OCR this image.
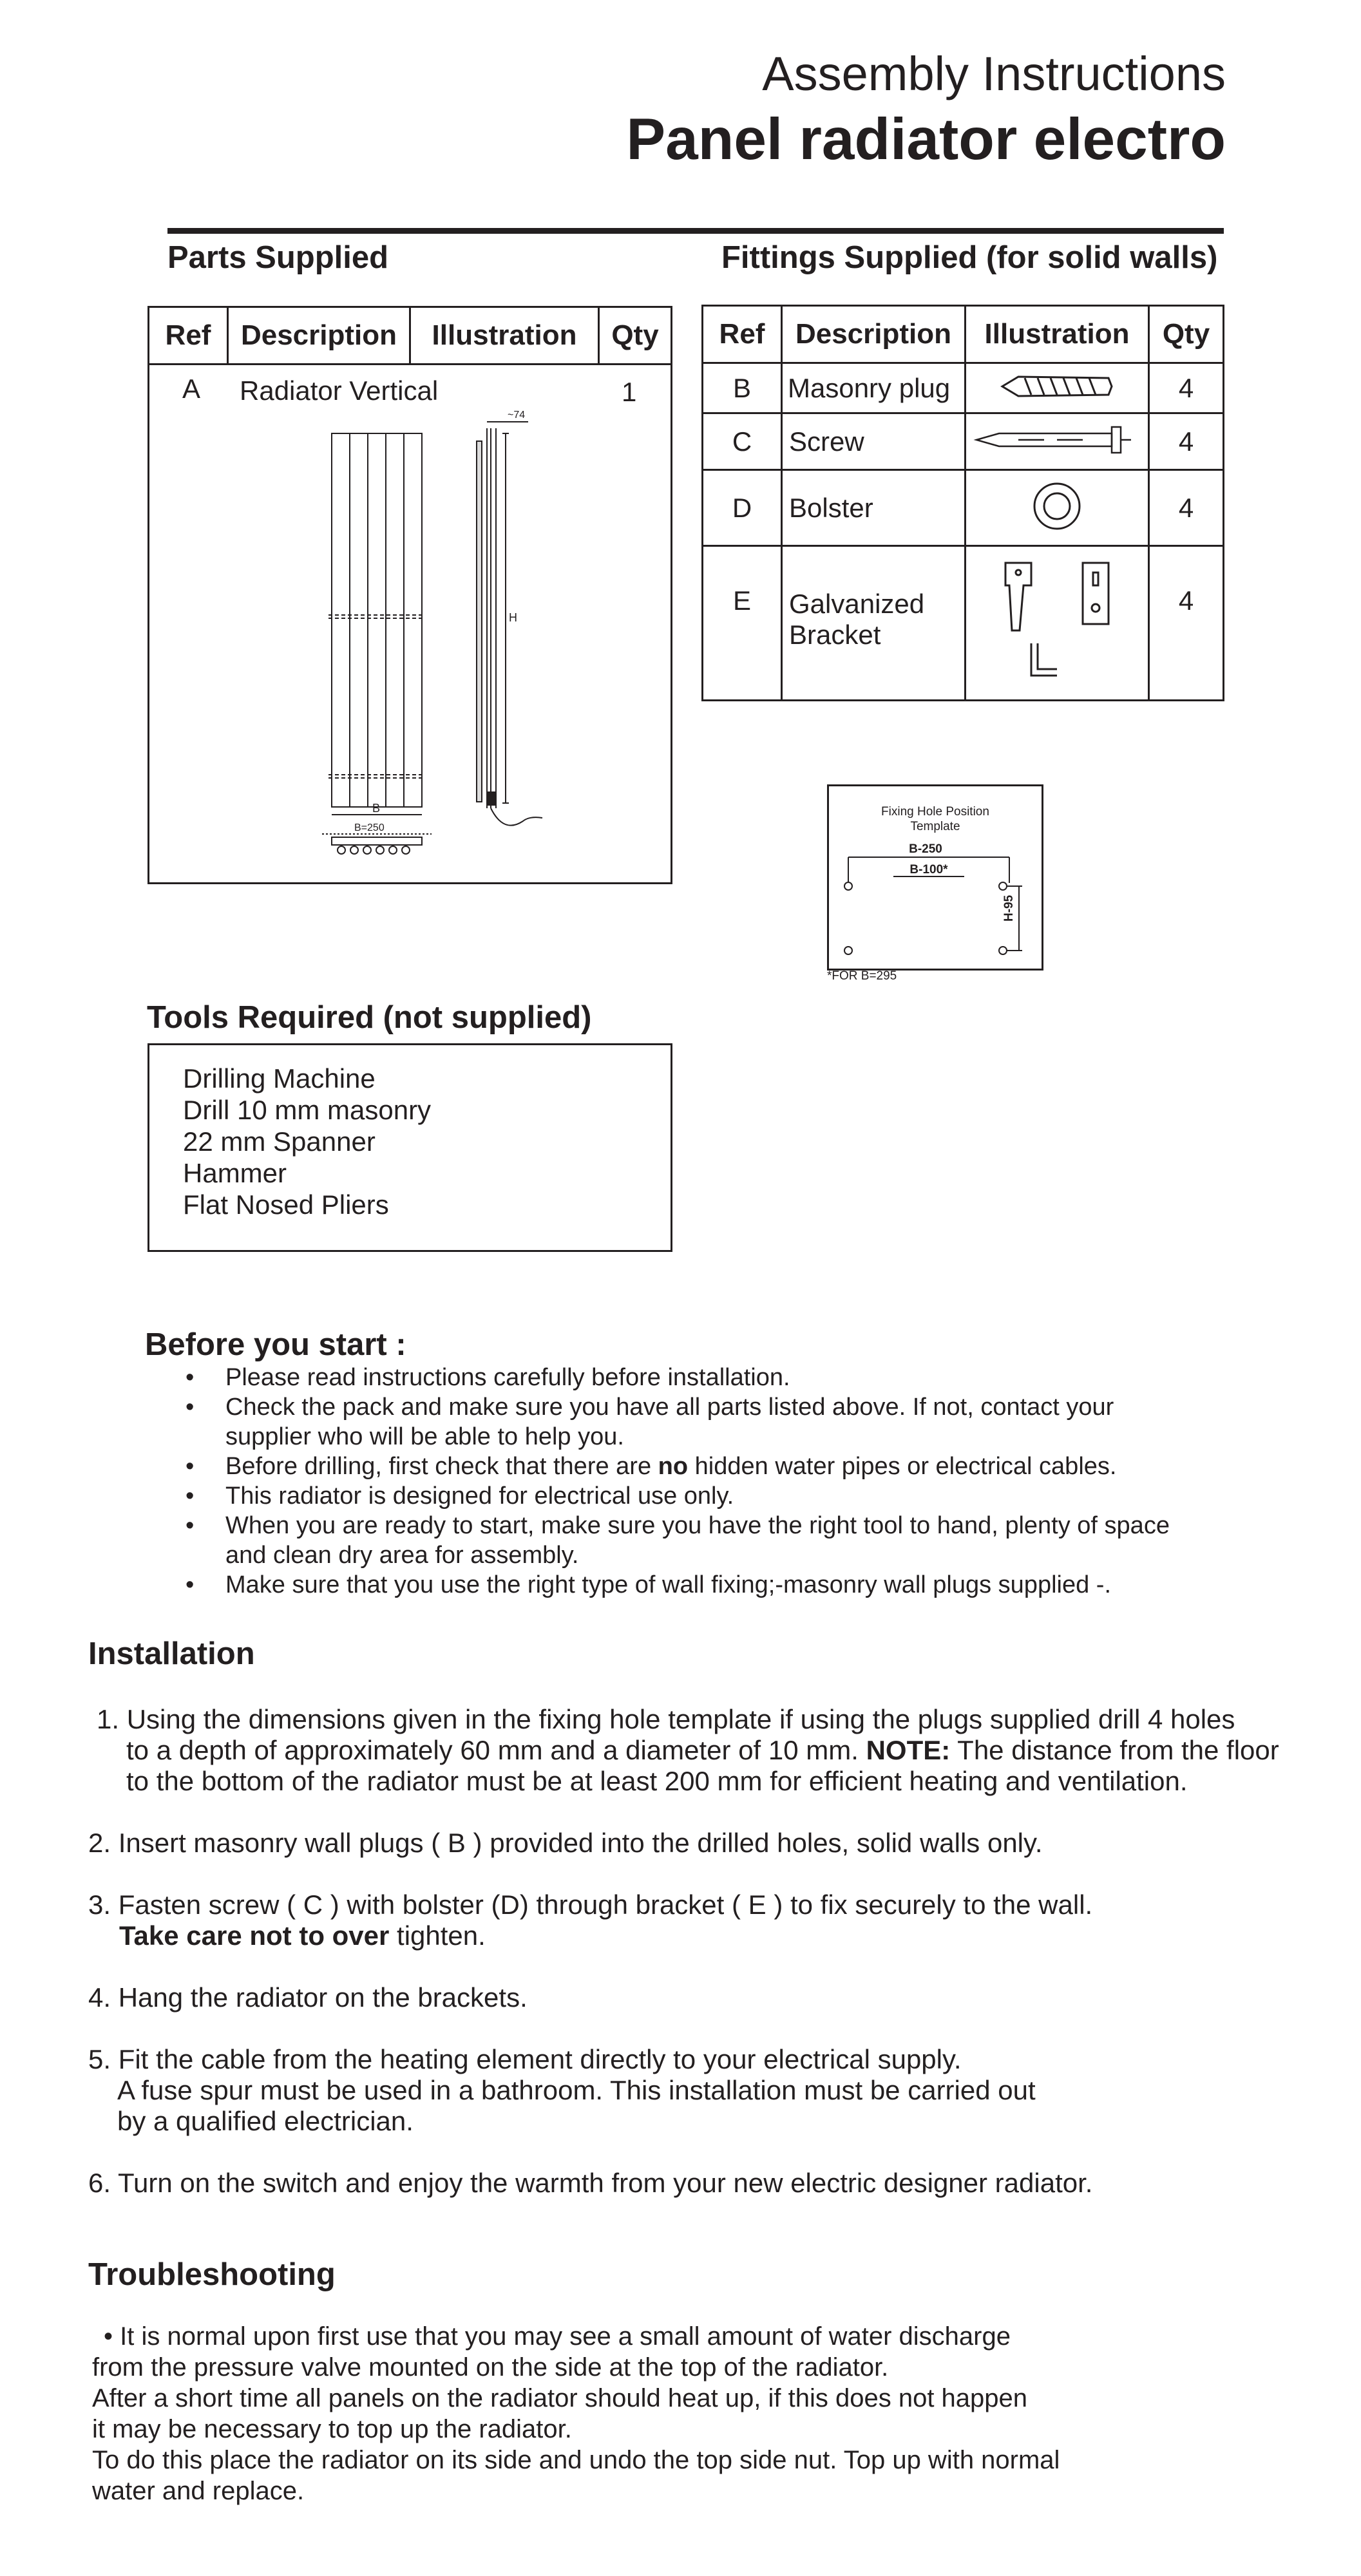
Assembly Instructions
Panel radiator electro
Parts Supplied
Ref	Description	Illustration	Qty
A Radiator Vertical	1
~74
H
B
B=250
Fittings Supplied (for solid walls)
Ref	Description	Illustration	Qty
B	Masonry plug		4
C	Screw		4
D	Bolster		4
E	Galvanized
Bracket		4
Fixing Hole Position
Template
B-250
B-100*
H-95
*FOR B=295
Tools Required (not supplied)
Drilling Machine
Drill 10 mm masonry
22 mm Spanner
Hammer
Flat Nosed Pliers
Before you start :
• Please read instructions carefully before installation.
• Check the pack and make sure you have all parts listed above. If not, contact your
supplier who will be able to help you.
• Before drilling, first check that there are no hidden water pipes or electrical cables.
• This radiator is designed for electrical use only.
• When you are ready to start, make sure you have the right tool to hand, plenty of space
and clean dry area for assembly.
• Make sure that you use the right type of wall fixing;-masonry wall plugs supplied -.
Installation
1. Using the dimensions given in the fixing hole template if using the plugs supplied drill 4 holes
to a depth of approximately 60 mm and a diameter of 10 mm. NOTE: The distance from the floor
to the bottom of the radiator must be at least 200 mm for efficient heating and ventilation.
2. Insert masonry wall plugs ( B ) provided into the drilled holes, solid walls only.
3. Fasten screw ( C ) with bolster (D) through bracket ( E ) to fix securely to the wall.
Take care not to over tighten.
4. Hang the radiator on the brackets.
5. Fit the cable from the heating element directly to your electrical supply.
A fuse spur must be used in a bathroom. This installation must be carried out
by a qualified electrician.
6. Turn on the switch and enjoy the warmth from your new electric designer radiator.
Troubleshooting
• It is normal upon first use that you may see a small amount of water discharge
from the pressure valve mounted on the side at the top of the radiator.
After a short time all panels on the radiator should heat up, if this does not happen
it may be necessary to top up the radiator.
To do this place the radiator on its side and undo the top side nut. Top up with normal
water and replace.
